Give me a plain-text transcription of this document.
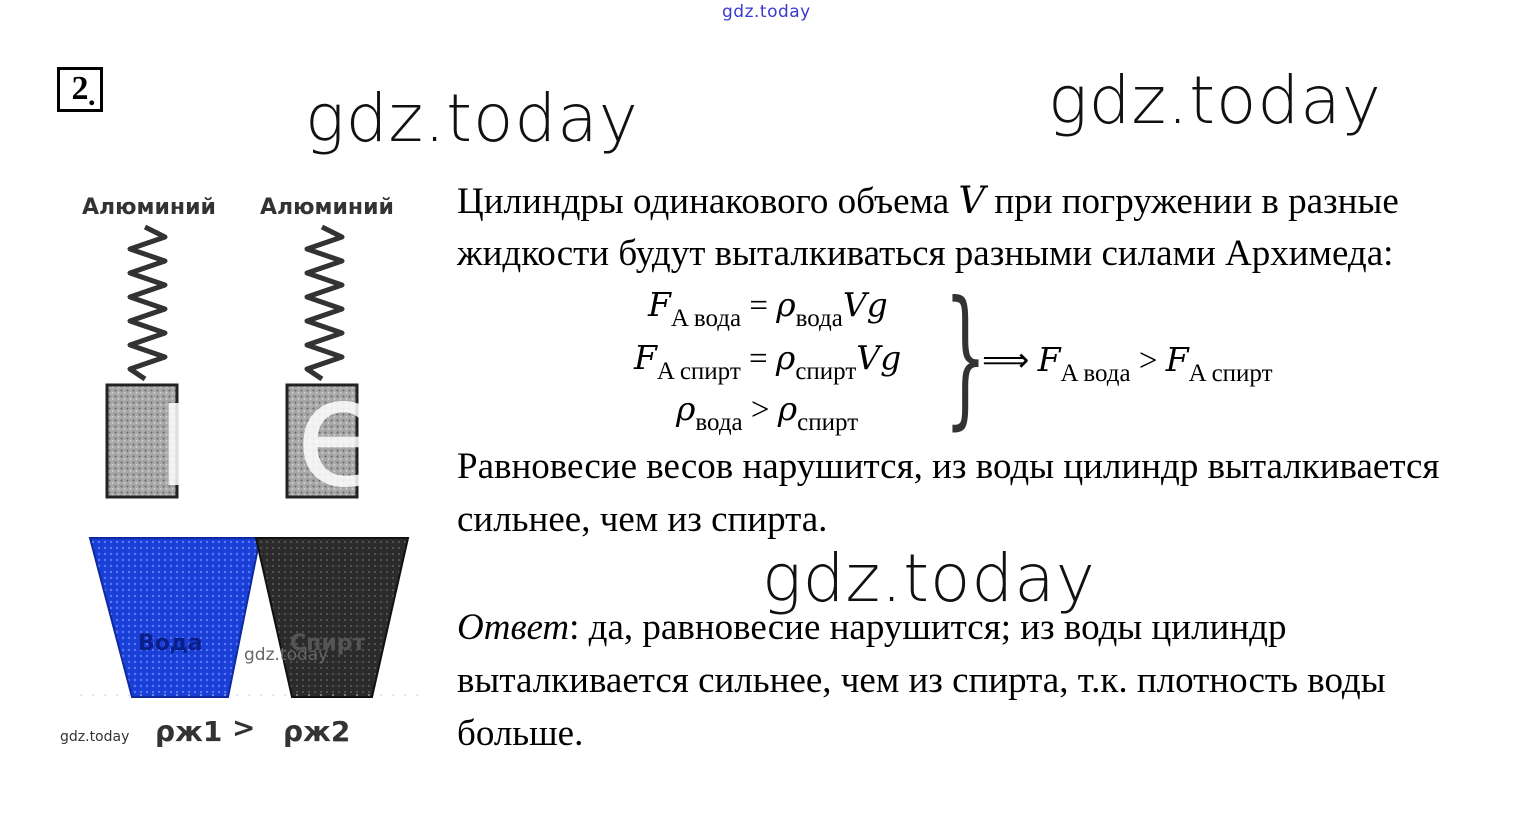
gdz.today
gdz.today	gdz.today
gdz.today
gdz.today
2 .
Алюминий Алюминий
r e
Вода	Спирт
gdz.today
ρж1 > ρж2
Цилиндры одинакового объема V при погружении в разные
жидкости будут выталкиваться разными силами Архимеда:
$F_{A вода} = \rho_{вода}Vg$
$F_{A спирт} = \rho_{спирт}Vg$
$\rho_{вода} > \rho_{спирт}$ }
⟹ $F_{A вода} > F_{A спирт}$
Равновесие весов нарушится, из воды цилиндр выталкивается
сильнее, чем из спирта.
Ответ: да, равновесие нарушится; из воды цилиндр
выталкивается сильнее, чем из спирта, т.к. плотность воды
больше.
